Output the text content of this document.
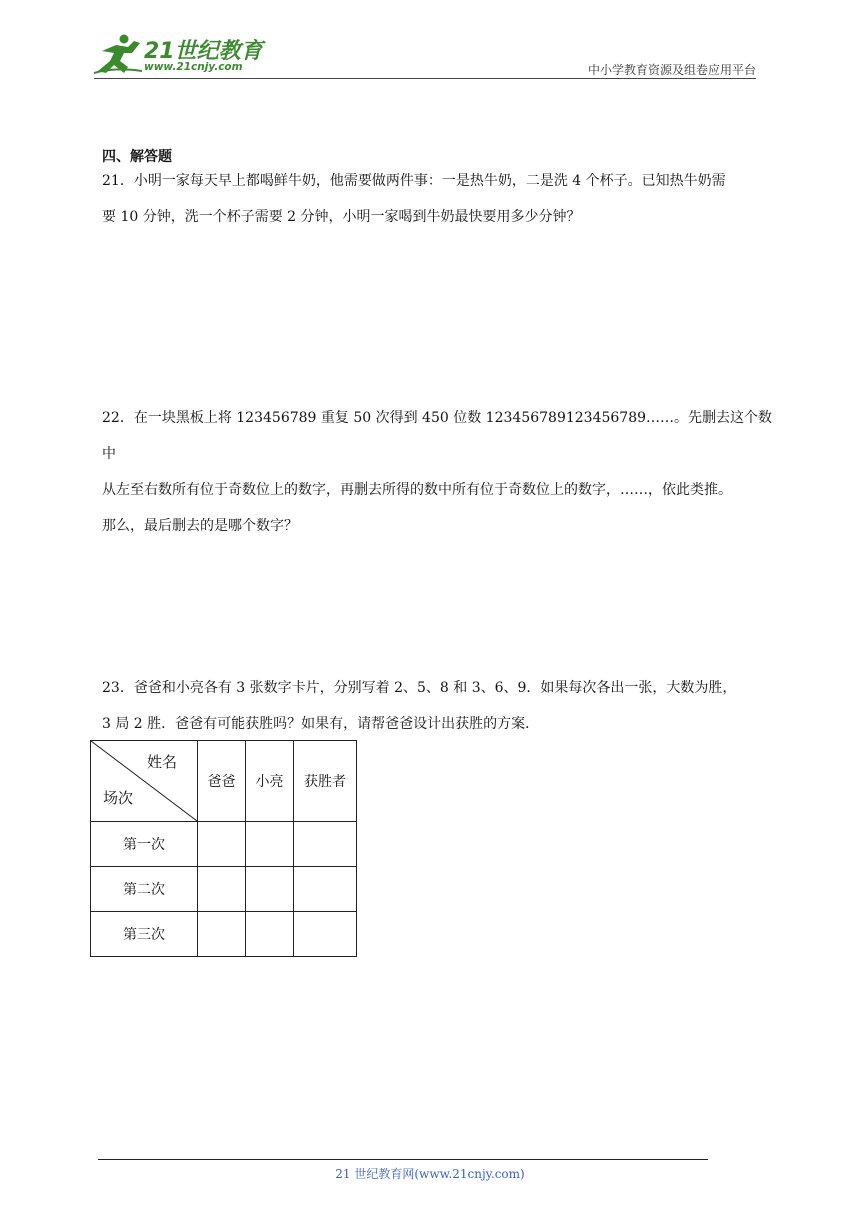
21世纪教育
www.21cnjy.com	中小学教育资源及组卷应用平台
四、解答题
21．小明一家每天早上都喝鲜牛奶，他需要做两件事：一是热牛奶，二是洗 4 个杯子。已知热牛奶需
要 10 分钟，洗一个杯子需要 2 分钟，小明一家喝到牛奶最快要用多少分钟？
22．在一块黑板上将 123456789 重复 50 次得到 450 位数 123456789123456789……。先删去这个数中
从左至右数所有位于奇数位上的数字，再删去所得的数中所有位于奇数位上的数字，……，依此类推。
那么，最后删去的是哪个数字？
23．爸爸和小亮各有 3 张数字卡片，分别写着 2、5、8 和 3、6、9．如果每次各出一张，大数为胜，
3 局 2 胜．爸爸有可能获胜吗？如果有，请帮爸爸设计出获胜的方案．
姓名
场次	爸爸	小亮	获胜者
第一次			
第二次			
第三次			
21 世纪教育网(www.21cnjy.com)
